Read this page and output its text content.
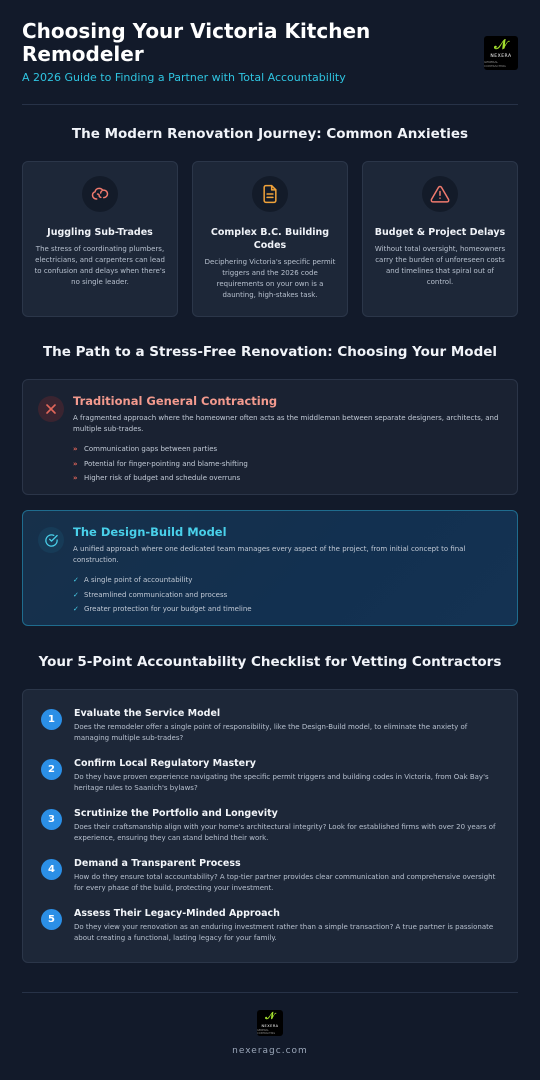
Choosing Your Victoria Kitchen Remodeler
A 2026 Guide to Finding a Partner with Total Accountability
𝒩
NEXERA
GENERAL CONTRACTING
The Modern Renovation Journey: Common Anxieties
Juggling Sub-Trades
The stress of coordinating plumbers, electricians, and carpenters can lead to confusion and delays when there's no single leader.
Complex B.C. Building Codes
Deciphering Victoria's specific permit triggers and the 2026 code requirements on your own is a daunting, high-stakes task.
Budget & Project Delays
Without total oversight, homeowners carry the burden of unforeseen costs and timelines that spiral out of control.
The Path to a Stress-Free Renovation: Choosing Your Model
Traditional General Contracting
A fragmented approach where the homeowner often acts as the middleman between separate designers, architects, and multiple sub-trades.
» Communication gaps between parties
» Potential for finger-pointing and blame-shifting
» Higher risk of budget and schedule overruns
The Design-Build Model
A unified approach where one dedicated team manages every aspect of the project, from initial concept to final construction.
✓ A single point of accountability
✓ Streamlined communication and process
✓ Greater protection for your budget and timeline
Your 5-Point Accountability Checklist for Vetting Contractors
1
Evaluate the Service Model
Does the remodeler offer a single point of responsibility, like the Design-Build model, to eliminate the anxiety of managing multiple sub-trades?
2
Confirm Local Regulatory Mastery
Do they have proven experience navigating the specific permit triggers and building codes in Victoria, from Oak Bay's heritage rules to Saanich's bylaws?
3
Scrutinize the Portfolio and Longevity
Does their craftsmanship align with your home's architectural integrity? Look for established firms with over 20 years of experience, ensuring they can stand behind their work.
4
Demand a Transparent Process
How do they ensure total accountability? A top-tier partner provides clear communication and comprehensive oversight for every phase of the build, protecting your investment.
5
Assess Their Legacy-Minded Approach
Do they view your renovation as an enduring investment rather than a simple transaction? A true partner is passionate about creating a functional, lasting legacy for your family.
𝒩
NEXERA
GENERAL CONTRACTING
nexeragc.com
